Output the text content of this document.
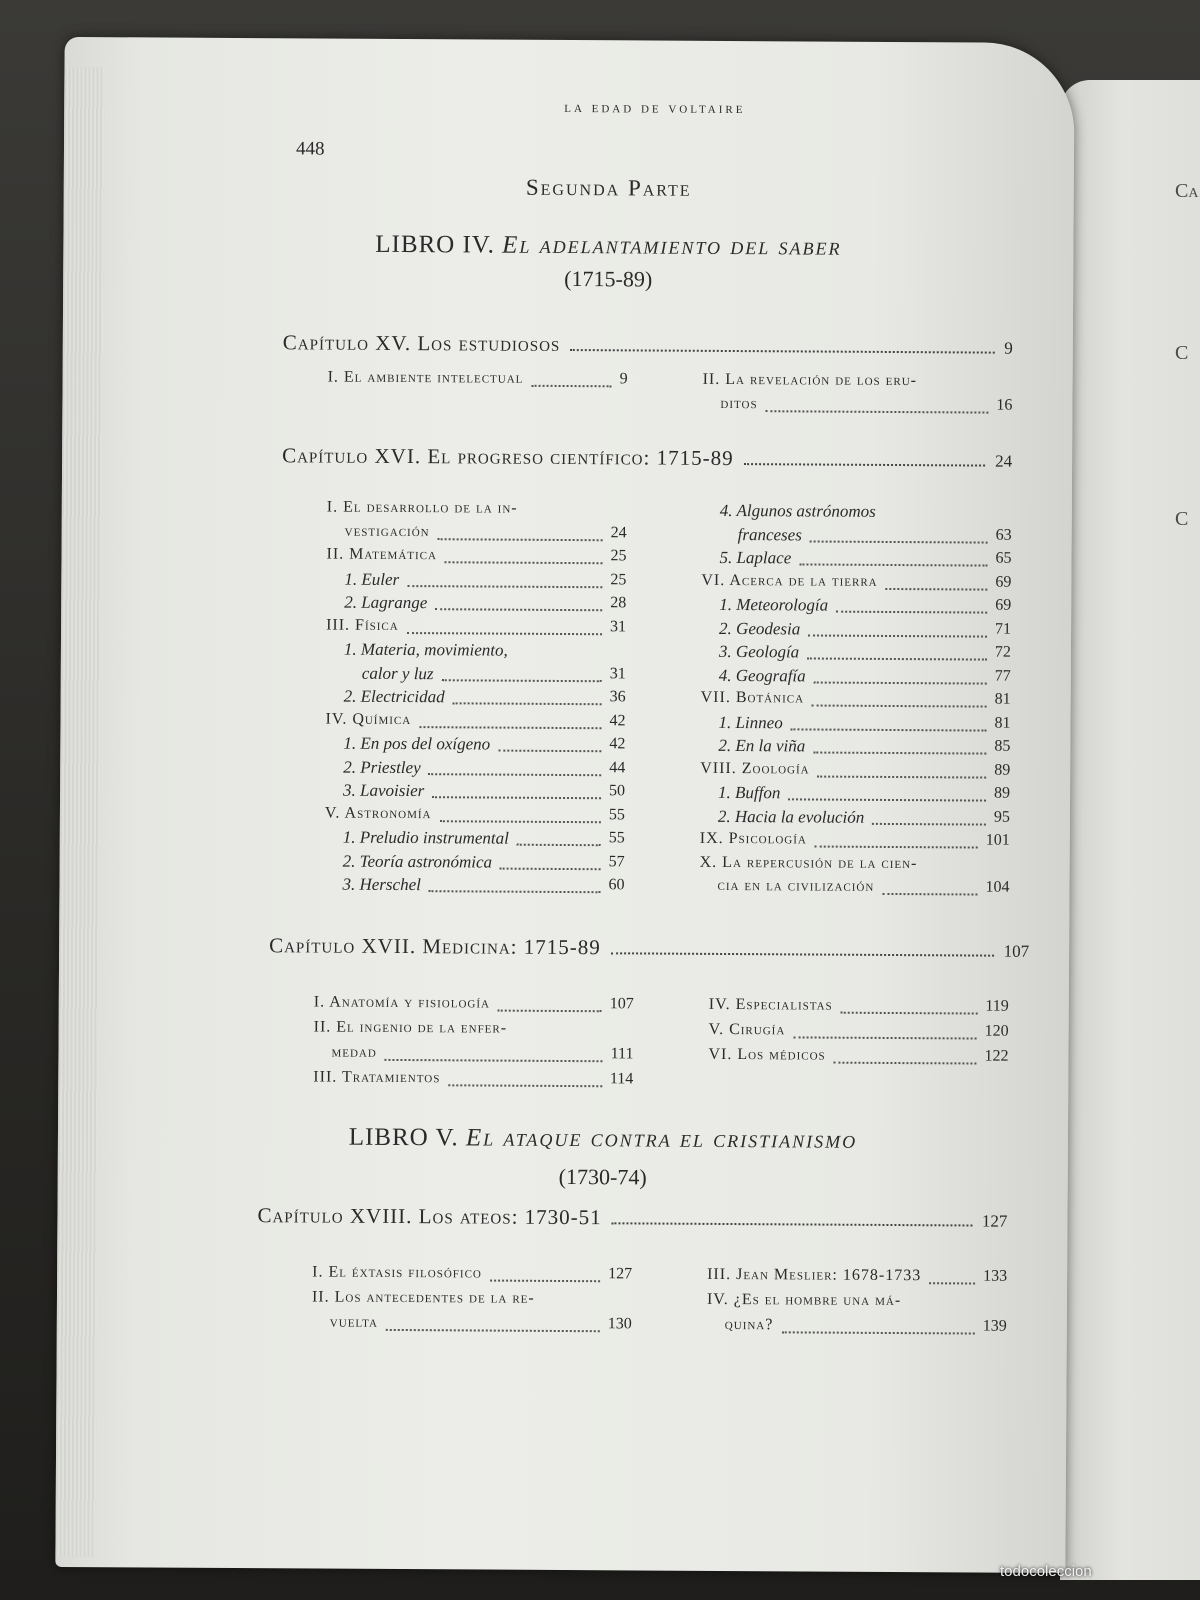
Ca
C
C
la edad de voltaire
448
Segunda Parte
LIBRO IV. El adelantamiento del saber
(1715-89)
Capítulo XV. Los estudiosos	9
I. El ambiente intelectual	9	II. La revelación de los eru-
ditos	16
Capítulo XVI. El progreso científico: 1715-89	24
I. El desarrollo de la in-
vestigación	24
II. Matemática	25
1. Euler	25
2. Lagrange	28
III. Física	31
1. Materia, movimiento,
calor y luz	31
2. Electricidad	36
IV. Química	42
1. En pos del oxígeno	42
2. Priestley	44
3. Lavoisier	50
V. Astronomía	55
1. Preludio instrumental	55
2. Teoría astronómica	57
3. Herschel	60
4. Algunos astrónomos
franceses	63
5. Laplace	65
VI. Acerca de la tierra	69
1. Meteorología	69
2. Geodesia	71
3. Geología	72
4. Geografía	77
VII. Botánica	81
1. Linneo	81
2. En la viña	85
VIII. Zoología	89
1. Buffon	89
2. Hacia la evolución	95
IX. Psicología	101
X. La repercusión de la cien-
cia en la civilización	104
Capítulo XVII. Medicina: 1715-89	107
I. Anatomía y fisiología	107
II. El ingenio de la enfer-
medad	111
III. Tratamientos	114
IV. Especialistas	119
V. Cirugía	120
VI. Los médicos	122
Capítulo XVIII. Los ateos: 1730-51	127
I. El éxtasis filosófico	127
II. Los antecedentes de la re-
vuelta	130
III. Jean Meslier: 1678-1733	133
IV. ¿Es el hombre una má-
quina?	139
LIBRO V. El ataque contra el cristianismo
(1730-74)
todocoleccion
